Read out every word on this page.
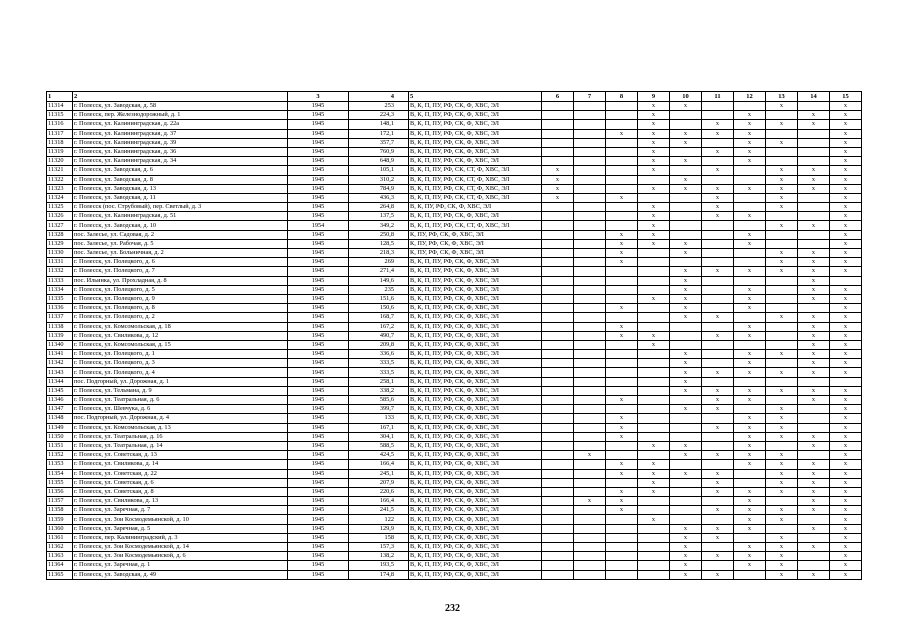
1	2	3	4	5	6	7	8	9	10	11	12	13	14	15
11314	г. Полесск, ул. Заводская, д. 58	1945	253	В, К, П, ПУ, РФ, СК, Ф, ХВС, ЭЛ				х	х			х		х
11315	г. Полесск, пер. Железнодорожный, д. 1	1945	224,3	В, К, П, ПУ, РФ, СК, Ф, ХВС, ЭЛ				х			х		х	х
11316	г. Полесск, ул. Калининградская, д. 22а	1945	148,1	В, К, П, ПУ, РФ, СК, Ф, ХВС, ЭЛ				х		х	х	х	х	х
11317	г. Полесск, ул. Калининградская, д. 37	1945	172,1	В, К, П, ПУ, РФ, СК, Ф, ХВС, ЭЛ			х	х	х	х	х			х
11318	г. Полесск, ул. Калининградская, д. 39	1945	357,7	В, К, П, ПУ, РФ, СК, Ф, ХВС, ЭЛ				х	х		х	х		х
11319	г. Полесск, ул. Калининградская, д. 36	1945	760,9	В, К, П, ПУ, РФ, СК, Ф, ХВС, ЭЛ				х		х	х			х
11320	г. Полесск, ул. Калининградская, д. 34	1945	648,9	В, К, П, ПУ, РФ, СК, Ф, ХВС, ЭЛ				х	х		х			х
11321	г. Полесск, ул. Заводская, д. 6	1945	105,1	В, К, П, ПУ, РФ, СК, СТ, Ф, ХВС, ЭЛ	х			х		х		х	х	х
11322	г. Полесск, ул. Заводская, д. 8	1945	310,2	В, К, П, ПУ, РФ, СК, СТ, Ф, ХВС, ЭЛ	х				х			х	х	х
11323	г. Полесск, ул. Заводская, д. 13	1945	784,9	В, К, П, ПУ, РФ, СК, СТ, Ф, ХВС, ЭЛ	х			х	х	х	х	х	х	х
11324	г. Полесск, ул. Заводская, д. 11	1945	436,3	В, К, П, ПУ, РФ, СК, СТ, Ф, ХВС, ЭЛ	х		х			х		х		х
11325	г. Полесск (пос. Струбовый), пер. Светлый, д. 3	1945	264,8	В, К, ПУ, РФ, СК, Ф, ХВС, ЭЛ				х		х		х		х
11326	г. Полесск, ул. Калининградская, д. 51	1945	137,5	В, К, П, ПУ, РФ, СК, Ф, ХВС, ЭЛ				х		х	х			х
11327	г. Полесск, ул. Заводская, д. 10	1954	349,2	В, К, П, ПУ, РФ, СК, СТ, Ф, ХВС, ЭЛ				х				х	х	х
11328	пос. Залесье, ул. Садовая, д. 2	1945	250,8	К, ПУ, РФ, СК, Ф, ХВС, ЭЛ			х	х			х			х
11329	пос. Залесье, ул. Рабочая, д. 5	1945	128,5	К, ПУ, РФ, СК, Ф, ХВС, ЭЛ			х	х	х		х			х
11330	пос. Залесье, ул. Больничная, д. 2	1945	218,3	К, ПУ, РФ, СК, Ф, ХВС, ЭЛ			х		х			х	х	х
11331	г. Полесск, ул. Полецкого, д. 6	1945	269	В, К, П, ПУ, РФ, СК, Ф, ХВС, ЭЛ			х					х	х	х
11332	г. Полесск, ул. Полецкого, д. 7	1945	271,4	В, К, П, ПУ, РФ, СК, Ф, ХВС, ЭЛ					х	х	х	х	х	х
11333	пос. Ильинка, ул. Прохладная, д. 8	1945	149,6	В, К, П, ПУ, РФ, СК, Ф, ХВС, ЭЛ					х				х	
11334	г. Полесск, ул. Полецкого, д. 5	1945	235	В, К, П, ПУ, РФ, СК, Ф, ХВС, ЭЛ					х		х		х	х
11335	г. Полесск, ул. Полецкого, д. 9	1945	151,6	В, К, П, ПУ, РФ, СК, Ф, ХВС, ЭЛ				х	х		х		х	х
11336	г. Полесск, ул. Полецкого, д. 8	1945	150,6	В, К, П, ПУ, РФ, СК, Ф, ХВС, ЭЛ			х		х		х			х
11337	г. Полесск, ул. Полецкого, д. 2	1945	168,7	В, К, П, ПУ, РФ, СК, Ф, ХВС, ЭЛ					х	х		х	х	х
11338	г. Полесск, ул. Комсомольская, д. 18	1945	167,2	В, К, П, ПУ, РФ, СК, Ф, ХВС, ЭЛ			х				х		х	х
11339	г. Полесск, ул. Свиликова, д. 12	1945	490,7	В, К, П, ПУ, РФ, СК, Ф, ХВС, ЭЛ			х	х		х	х		х	х
11340	г. Полесск, ул. Комсомольская, д. 15	1945	209,8	В, К, П, ПУ, РФ, СК, Ф, ХВС, ЭЛ				х					х	х
11341	г. Полесск, ул. Полецкого, д. 1	1945	336,6	В, К, П, ПУ, РФ, СК, Ф, ХВС, ЭЛ					х		х	х	х	х
11342	г. Полесск, ул. Полецкого, д. 3	1945	333,5	В, К, П, ПУ, РФ, СК, Ф, ХВС, ЭЛ					х		х		х	х
11343	г. Полесск, ул. Полецкого, д. 4	1945	333,5	В, К, П, ПУ, РФ, СК, Ф, ХВС, ЭЛ					х	х	х	х	х	х
11344	пос. Подгорный, ул. Дорожная, д. 1	1945	258,1	В, К, П, ПУ, РФ, СК, Ф, ХВС, ЭЛ					х					
11345	г. Полесск, ул. Тельмана, д. 9	1945	338,2	В, К, П, ПУ, РФ, СК, Ф, ХВС, ЭЛ					х	х	х	х	х	х
11346	г. Полесск, ул. Театральная, д. 6	1945	585,6	В, К, П, ПУ, РФ, СК, Ф, ХВС, ЭЛ			х			х	х		х	х
11347	г. Полесск, ул. Шевчука, д. 6	1945	399,7	В, К, П, ПУ, РФ, СК, Ф, ХВС, ЭЛ					х	х		х		х
11348	пос. Подгорный, ул. Дорожная, д. 4	1945	133	В, К, П, ПУ, РФ, СК, Ф, ХВС, ЭЛ			х				х	х		х
11349	г. Полесск, ул. Комсомольская, д. 13	1945	167,1	В, К, П, ПУ, РФ, СК, Ф, ХВС, ЭЛ			х			х	х	х		х
11350	г. Полесск, ул. Театральная, д. 16	1945	304,1	В, К, П, ПУ, РФ, СК, Ф, ХВС, ЭЛ			х				х	х	х	х
11351	г. Полесск, ул. Театральная, д. 14	1945	588,5	В, К, П, ПУ, РФ, СК, Ф, ХВС, ЭЛ				х	х		х		х	х
11352	г. Полесск, ул. Советская, д. 13	1945	424,5	В, К, П, ПУ, РФ, СК, Ф, ХВС, ЭЛ		х			х	х	х	х		х
11353	г. Полесск, ул. Свиликова, д. 14	1945	166,4	В, К, П, ПУ, РФ, СК, Ф, ХВС, ЭЛ			х	х			х	х	х	х
11354	г. Полесск, ул. Советская, д. 22	1945	245,1	В, К, П, ПУ, РФ, СК, Ф, ХВС, ЭЛ			х	х	х	х		х	х	х
11355	г. Полесск, ул. Советская, д. 6	1945	207,9	В, К, П, ПУ, РФ, СК, Ф, ХВС, ЭЛ				х		х		х	х	х
11356	г. Полесск, ул. Советская, д. 8	1945	220,6	В, К, П, ПУ, РФ, СК, Ф, ХВС, ЭЛ			х	х		х	х	х	х	х
11357	г. Полесск, ул. Свиликова, д. 13	1945	166,4	В, К, П, ПУ, РФ, СК, Ф, ХВС, ЭЛ		х	х				х		х	х
11358	г. Полесск, ул. Заречная, д. 7	1945	241,5	В, К, П, ПУ, РФ, СК, Ф, ХВС, ЭЛ			х			х	х	х	х	х
11359	г. Полесск, ул. Зои Космодемьянской, д. 10	1945	122	В, К, П, ПУ, РФ, СК, Ф, ХВС, ЭЛ				х			х	х		х
11360	г. Полесск, ул. Заречная, д. 5	1945	129,9	В, К, П, ПУ, РФ, СК, Ф, ХВС, ЭЛ					х	х	х		х	х
11361	г. Полесск, пер. Калининградский, д. 3	1945	158	В, К, П, ПУ, РФ, СК, Ф, ХВС, ЭЛ					х	х		х		х
11362	г. Полесск, ул. Зои Космодемьянской, д. 14	1945	157,3	В, К, П, ПУ, РФ, СК, Ф, ХВС, ЭЛ					х		х	х	х	х
11363	г. Полесск, ул. Зои Космодемьянской, д. 6	1945	138,2	В, К, П, ПУ, РФ, СК, Ф, ХВС, ЭЛ					х	х	х	х		х
11364	г. Полесск, ул. Заречная, д. 1	1945	193,5	В, К, П, ПУ, РФ, СК, Ф, ХВС, ЭЛ					х		х	х		х
11365	г. Полесск, ул. Заводская, д. 49	1945	174,8	В, К, П, ПУ, РФ, СК, Ф, ХВС, ЭЛ					х	х		х	х	х
232
